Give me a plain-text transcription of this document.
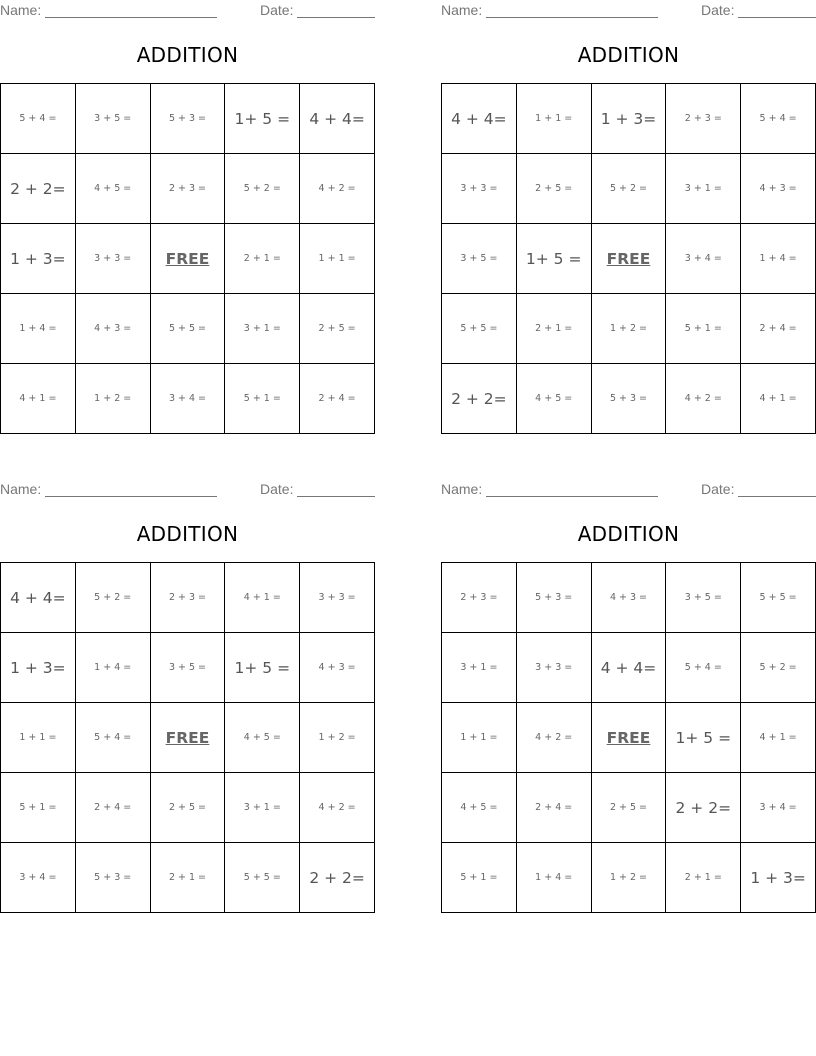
Name:	Date:
ADDITION
5 + 4 =	3 + 5 =	5 + 3 =	1+ 5 =	4 + 4=
2 + 2=	4 + 5 =	2 + 3 =	5 + 2 =	4 + 2 =
1 + 3=	3 + 3 =	FREE	2 + 1 =	1 + 1 =
1 + 4 =	4 + 3 =	5 + 5 =	3 + 1 =	2 + 5 =
4 + 1 =	1 + 2 =	3 + 4 =	5 + 1 =	2 + 4 =
Name:	Date:
ADDITION
4 + 4=	1 + 1 =	1 + 3=	2 + 3 =	5 + 4 =
3 + 3 =	2 + 5 =	5 + 2 =	3 + 1 =	4 + 3 =
3 + 5 =	1+ 5 =	FREE	3 + 4 =	1 + 4 =
5 + 5 =	2 + 1 =	1 + 2 =	5 + 1 =	2 + 4 =
2 + 2=	4 + 5 =	5 + 3 =	4 + 2 =	4 + 1 =
Name:	Date:
ADDITION
4 + 4=	5 + 2 =	2 + 3 =	4 + 1 =	3 + 3 =
1 + 3=	1 + 4 =	3 + 5 =	1+ 5 =	4 + 3 =
1 + 1 =	5 + 4 =	FREE	4 + 5 =	1 + 2 =
5 + 1 =	2 + 4 =	2 + 5 =	3 + 1 =	4 + 2 =
3 + 4 =	5 + 3 =	2 + 1 =	5 + 5 =	2 + 2=
Name:	Date:
ADDITION
2 + 3 =	5 + 3 =	4 + 3 =	3 + 5 =	5 + 5 =
3 + 1 =	3 + 3 =	4 + 4=	5 + 4 =	5 + 2 =
1 + 1 =	4 + 2 =	FREE	1+ 5 =	4 + 1 =
4 + 5 =	2 + 4 =	2 + 5 =	2 + 2=	3 + 4 =
5 + 1 =	1 + 4 =	1 + 2 =	2 + 1 =	1 + 3=
